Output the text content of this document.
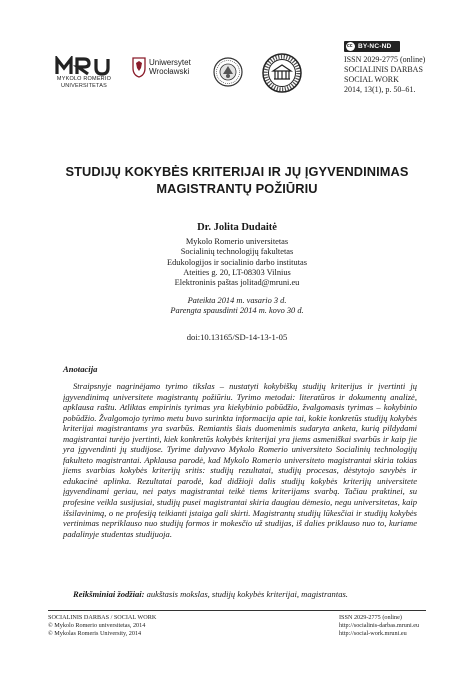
MYKOLO ROMERIO
UNIVERSITETAS
Uniwersytet
Wrocławski
cc BY-NC-ND
ISSN 2029-2775 (online)
SOCIALINIS DARBAS
SOCIAL WORK
2014, 13(1), p. 50–61.
STUDIJŲ KOKYBĖS KRITERIJAI IR JŲ ĮGYVENDINIMAS
MAGISTRANTŲ POŽIŪRIU
Dr. Jolita Dudaitė
Mykolo Romerio universitetas
Socialinių technologijų fakultetas
Edukologijos ir socialinio darbo institutas
Ateities g. 20, LT-08303 Vilnius
Elektroninis paštas jolitad@mruni.eu
Pateikta 2014 m. vasario 3 d.
Parengta spausdinti 2014 m. kovo 30 d.
doi:10.13165/SD-14-13-1-05
Anotacija
Straipsnyje nagrinėjamo tyrimo tikslas – nustatyti kokybiškų studijų kriterijus ir įvertinti jų įgyvendinimą universitete magistrantų požiūriu. Tyrimo metodai: literatūros ir dokumentų analizė, apklausa raštu. Atliktas empirinis tyrimas yra kiekybinio pobūdžio, žvalgomasis tyrimas – kokybinio pobūdžio. Žvalgomojo tyrimo metu buvo surinkta informacija apie tai, kokie konkretūs studijų kokybės kriterijai magistrantams yra svarbūs. Remiantis šiais duomenimis sudaryta anketa, kurią pildydami magistrantai turėjo įvertinti, kiek konkretūs kokybės kriterijai yra jiems asmeniškai svarbūs ir kaip jie yra įgyvendinti jų studijose. Tyrime dalyvavo Mykolo Romerio universiteto Socialinių technologijų fakulteto magistrantai. Apklausa parodė, kad Mykolo Romerio universiteto magistrantai skiria tokias jiems svarbias kokybės kriterijų sritis: studijų rezultatai, studijų procesas, dėstytojo savybės ir edukacinė aplinka. Rezultatai parodė, kad didžioji dalis studijų kokybės kriterijų universitete įgyvendinami geriau, nei patys magistrantai teikė tiems kriterijams svarbą. Tačiau praktinei, su profesine veikla susijusiai, studijų pusei magistrantai skiria daugiau dėmesio, negu universitetas, kaip išsilavinimą, o ne profesiją teikianti įstaiga gali skirti. Magistrantų studijų lūkesčiai ir studijų kokybės vertinimas nepriklauso nuo studijų formos ir mokesčio už studijas, iš dalies priklauso nuo to, kuriame padalinyje studentas studijuoja.
Reikšminiai žodžiai: aukštasis mokslas, studijų kokybės kriterijai, magistrantas.
SOCIALINIS DARBAS / SOCIAL WORK
© Mykolo Romerio universitetas, 2014
© Mykolas Romeris University, 2014
ISSN 2029-2775 (online)
http://socialinis-darbas.mruni.eu
http://social-work.mruni.eu
